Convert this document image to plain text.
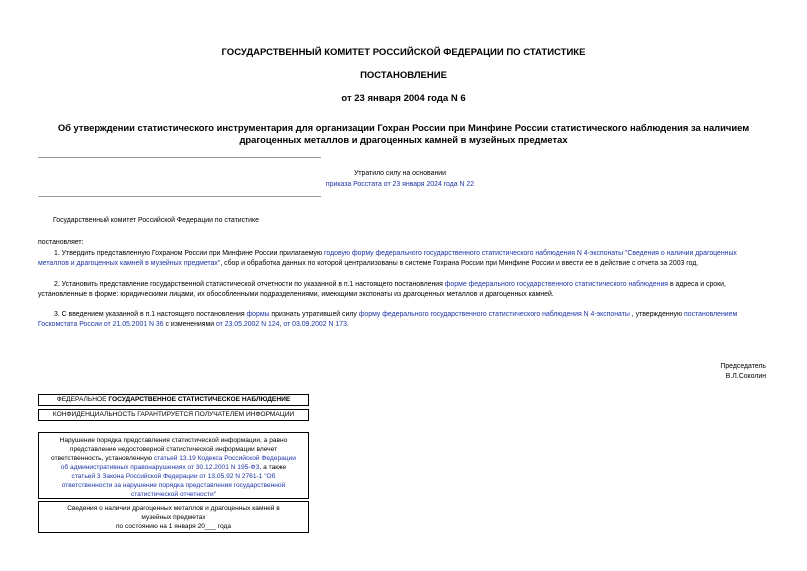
ГОСУДАРСТВЕННЫЙ КОМИТЕТ РОССИЙСКОЙ ФЕДЕРАЦИИ ПО СТАТИСТИКЕ
ПОСТАНОВЛЕНИЕ
от 23 января 2004 года N 6
Об утверждении статистического инструментария для организации Гохран России при Минфине России статистического наблюдения за наличием драгоценных металлов и драгоценных камней в музейных предметах
Утратило силу на основании
приказа Росстата от 23 января 2024 года N 22
Государственный комитет Российской Федерации по статистике
постановляет:

1. Утвердить представленную Гохраном России при Минфине России прилагаемую годовую форму федерального государственного статистического наблюдения N 4-экспонаты "Сведения о наличии драгоценных металлов и драгоценных камней в музейных предметах", сбор и обработка данных по которой централизованы в системе Гохрана России при Минфине России и ввести ее в действие с отчета за 2003 год.

2. Установить представление государственной статистической отчетности по указанной в п.1 настоящего постановления форме федерального государственного статистического наблюдения в адреса и сроки, установленные в форме: юридическими лицами, их обособленными подразделениями, имеющими экспонаты из драгоценных металлов и драгоценных камней.

3. С введением указанной в п.1 настоящего постановления формы признать утратившей силу форму федерального государственного статистического наблюдения N 4-экспонаты , утвержденную постановлением Госкомстата России от 21.05.2001 N 36 с изменениями от 23.05.2002 N 124, от 03.09.2002 N 173.

Председатель
В.Л.Соколин
ФЕДЕРАЛЬНОЕ ГОСУДАРСТВЕННОЕ СТАТИСТИЧЕСКОЕ НАБЛЮДЕНИЕ
КОНФИДЕНЦИАЛЬНОСТЬ ГАРАНТИРУЕТСЯ ПОЛУЧАТЕЛЕМ ИНФОРМАЦИИ
Нарушение порядка представления статистической информации, а равно представление недостоверной статистической информации влечет ответственность, установленную статьей 13.19 Кодекса Российской Федерации об административных правонарушениях от 30.12.2001 N 195-ФЗ, а также статьей 3 Закона Российской Федерации от 13.05.92 N 2761-1 "Об ответственности за нарушение порядка представления государственной статистической отчетности"
Сведения о наличии драгоценных металлов и драгоценных камней в музейных предметах
по состоянию на 1 января 20___ года
